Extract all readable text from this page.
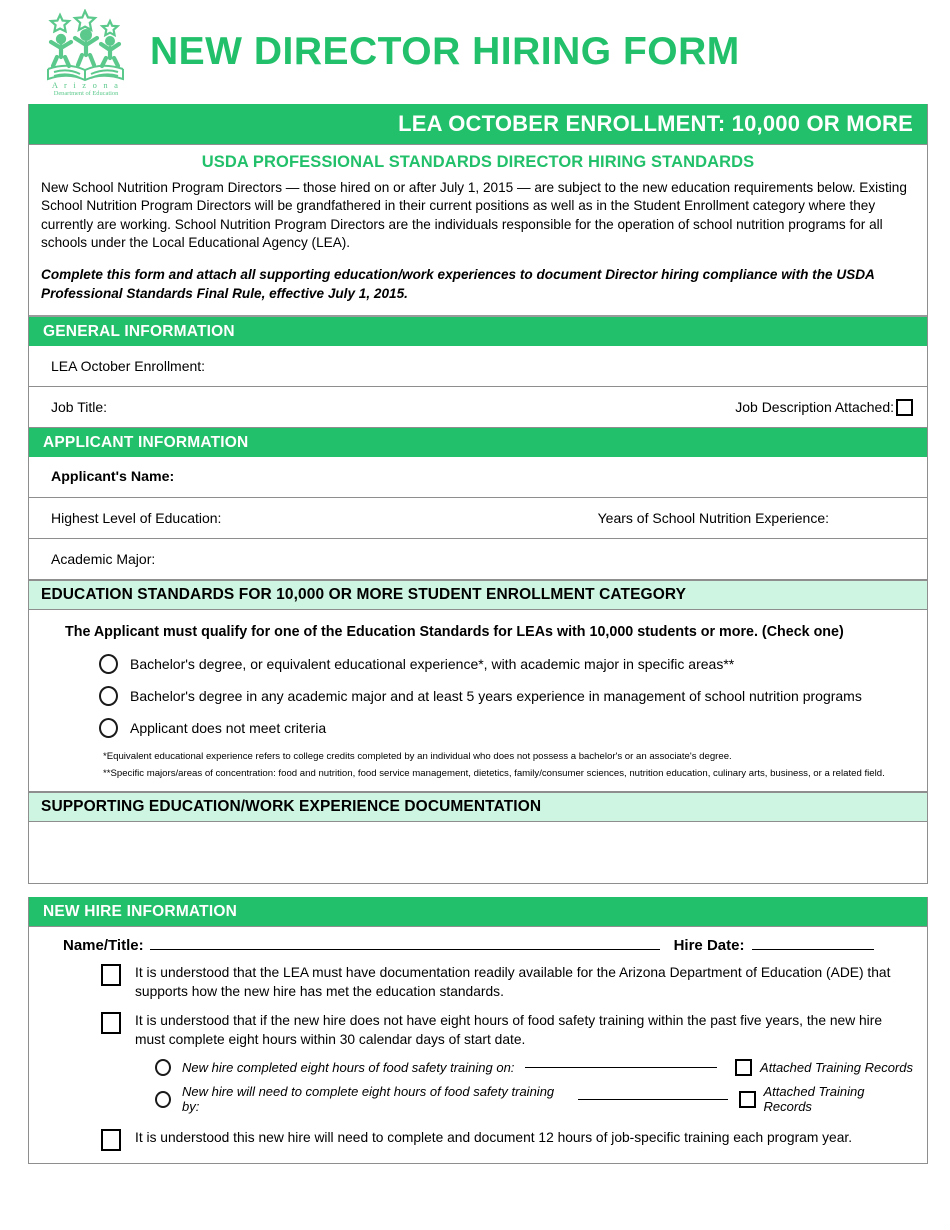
A r i z o n a
Department of Education
NEW DIRECTOR HIRING FORM
LEA OCTOBER ENROLLMENT: 10,000 OR MORE
USDA PROFESSIONAL STANDARDS DIRECTOR HIRING STANDARDS
New School Nutrition Program Directors — those hired on or after July 1, 2015 — are subject to the new education requirements below. Existing School Nutrition Program Directors will be grandfathered in their current positions as well as in the Student Enrollment category where they currently are working. School Nutrition Program Directors are the individuals responsible for the operation of school nutrition programs for all schools under the Local Educational Agency (LEA).
Complete this form and attach all supporting education/work experiences to document Director hiring compliance with the USDA Professional Standards Final Rule, effective July 1, 2015.
GENERAL INFORMATION
LEA October Enrollment:
Job Title:	Job Description Attached:
APPLICANT INFORMATION
Applicant's Name:
Highest Level of Education:	Years of School Nutrition Experience:
Academic Major:
EDUCATION STANDARDS FOR 10,000 OR MORE STUDENT ENROLLMENT CATEGORY
The Applicant must qualify for one of the Education Standards for LEAs with 10,000 students or more. (Check one)
Bachelor's degree, or equivalent educational experience*, with academic major in specific areas**
Bachelor's degree in any academic major and at least 5 years experience in management of school nutrition programs
Applicant does not meet criteria
*Equivalent educational experience refers to college credits completed by an individual who does not possess a bachelor's or an associate's degree.
**Specific majors/areas of concentration: food and nutrition, food service management, dietetics, family/consumer sciences, nutrition education, culinary arts, business, or a related field.
SUPPORTING EDUCATION/WORK EXPERIENCE DOCUMENTATION
NEW HIRE INFORMATION
Name/Title:	Hire Date:
It is understood that the LEA must have documentation readily available for the Arizona Department of Education (ADE) that supports how the new hire has met the education standards.
It is understood that if the new hire does not have eight hours of food safety training within the past five years, the new hire must complete eight hours within 30 calendar days of start date.
New hire completed eight hours of food safety training on:	Attached Training Records
New hire will need to complete eight hours of food safety training by:
Attached Training Records
It is understood this new hire will need to complete and document 12 hours of job-specific training each program year.
